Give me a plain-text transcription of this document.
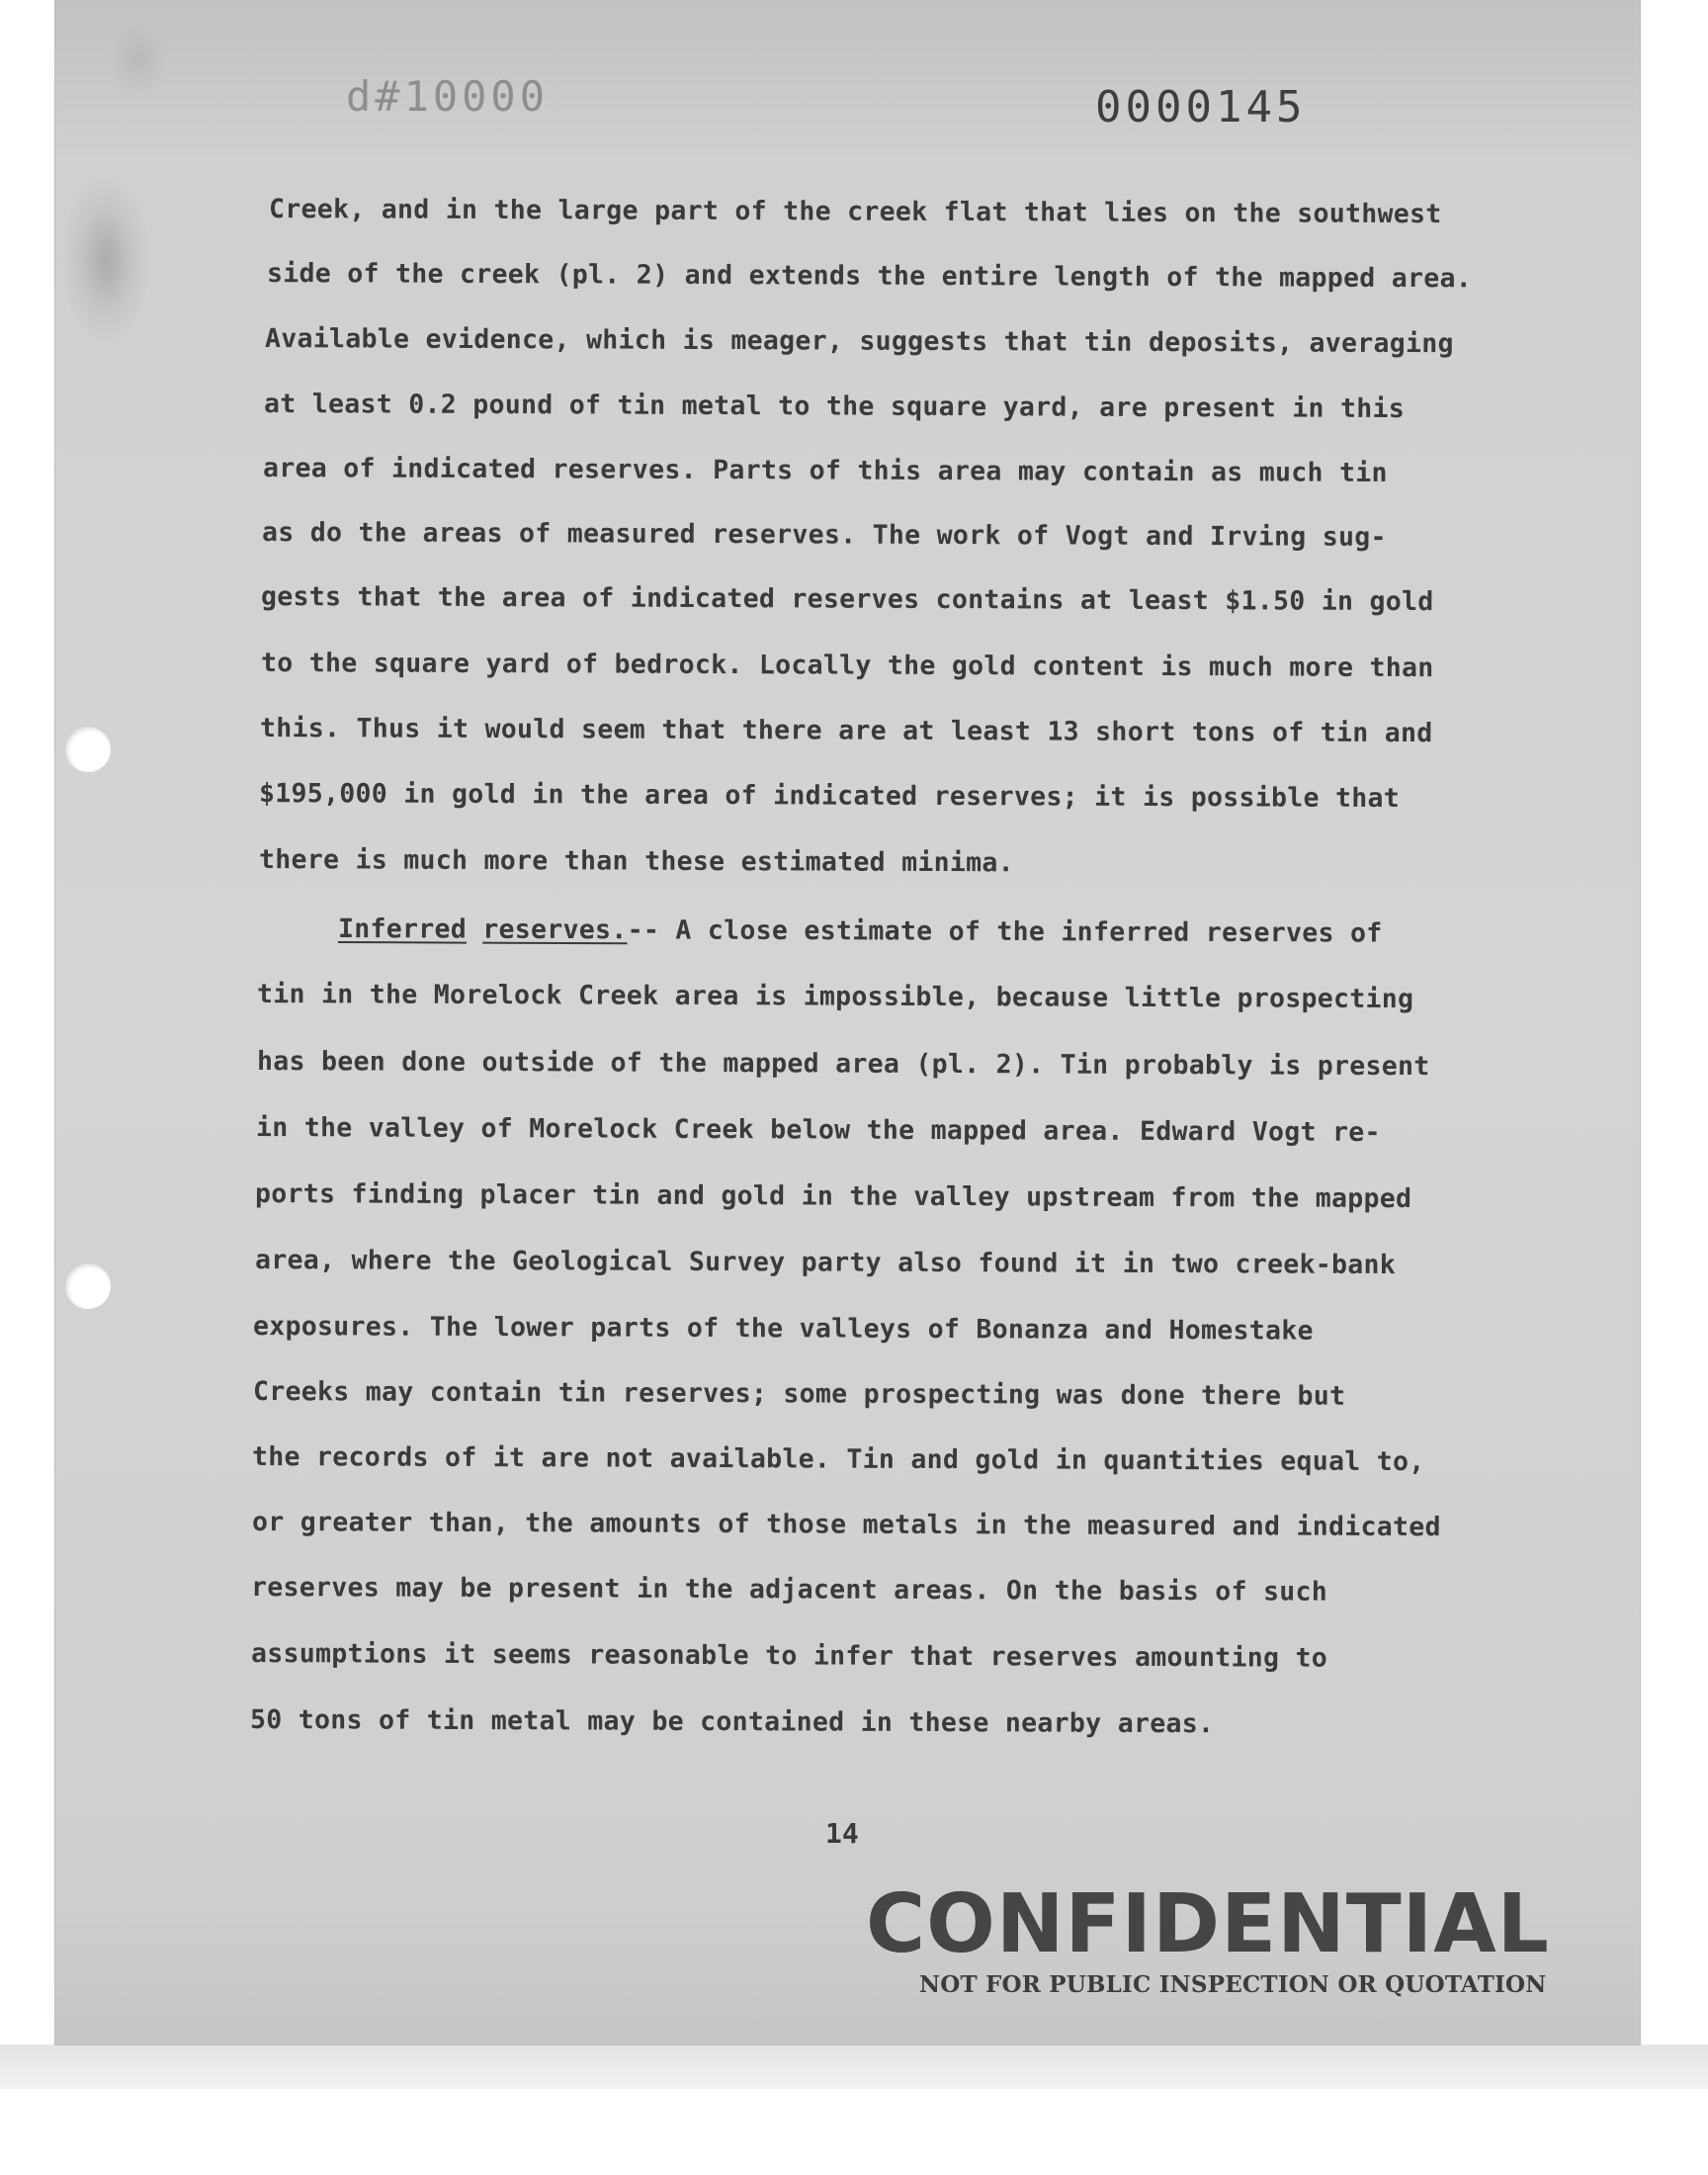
d#10000	0000145
Creek, and in the large part of the creek flat that lies on the southwest
side of the creek (pl. 2) and extends the entire length of the mapped area.
Available evidence, which is meager, suggests that tin deposits, averaging
at least 0.2 pound of tin metal to the square yard, are present in this
area of indicated reserves. Parts of this area may contain as much tin
as do the areas of measured reserves. The work of Vogt and Irving sug-
gests that the area of indicated reserves contains at least $1.50 in gold
to the square yard of bedrock. Locally the gold content is much more than
this. Thus it would seem that there are at least 13 short tons of tin and
$195,000 in gold in the area of indicated reserves; it is possible that
there is much more than these estimated minima.
Inferred reserves.-- A close estimate of the inferred reserves of
tin in the Morelock Creek area is impossible, because little prospecting
has been done outside of the mapped area (pl. 2). Tin probably is present
in the valley of Morelock Creek below the mapped area. Edward Vogt re-
ports finding placer tin and gold in the valley upstream from the mapped
area, where the Geological Survey party also found it in two creek-bank
exposures. The lower parts of the valleys of Bonanza and Homestake
Creeks may contain tin reserves; some prospecting was done there but
the records of it are not available. Tin and gold in quantities equal to,
or greater than, the amounts of those metals in the measured and indicated
reserves may be present in the adjacent areas. On the basis of such
assumptions it seems reasonable to infer that reserves amounting to
50 tons of tin metal may be contained in these nearby areas.
14
CONFIDENTIAL
NOT FOR PUBLIC INSPECTION OR QUOTATION
